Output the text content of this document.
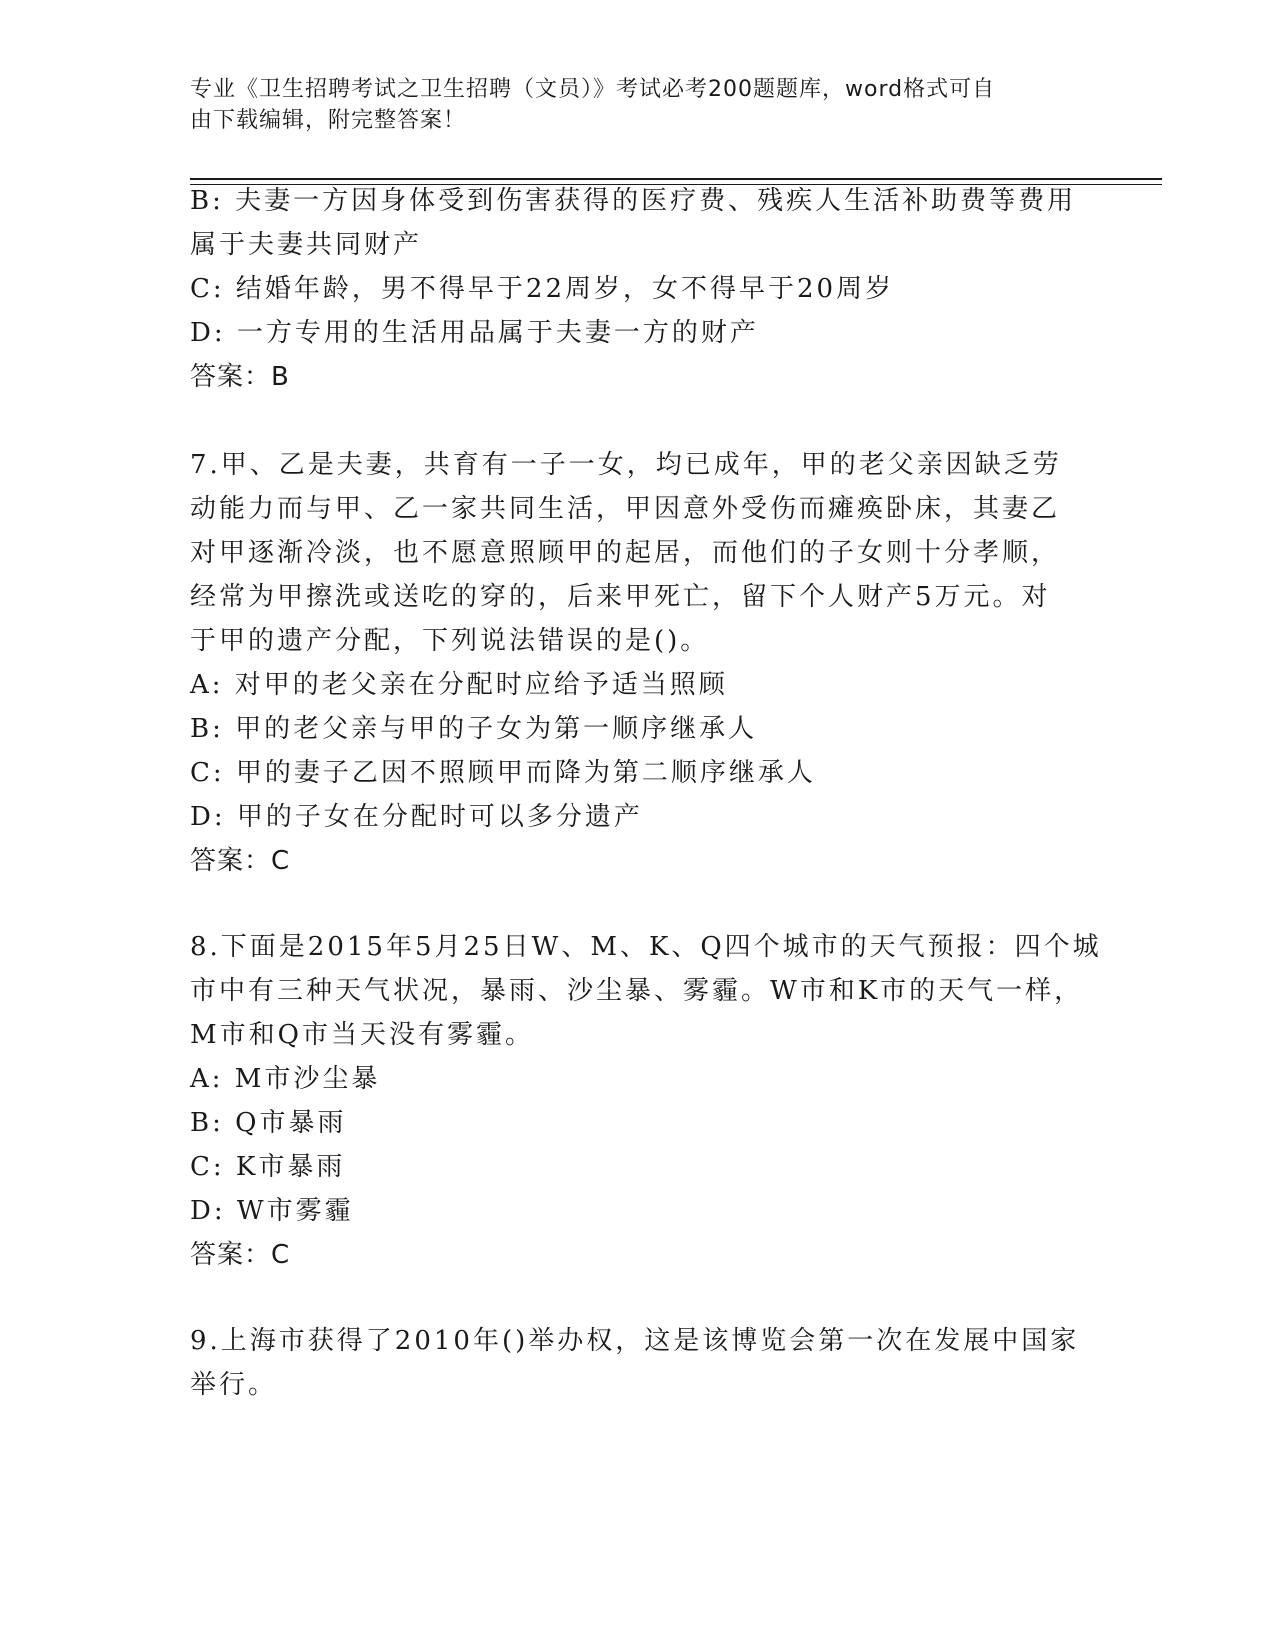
专业《卫生招聘考试之卫生招聘（文员）》考试必考200题题库，word格式可自
由下载编辑，附完整答案！
B: 夫妻一方因身体受到伤害获得的医疗费、残疾人生活补助费等费用
属于夫妻共同财产
C: 结婚年龄，男不得早于22周岁，女不得早于20周岁
D: 一方专用的生活用品属于夫妻一方的财产
答案：B
7.甲、乙是夫妻，共育有一子一女，均已成年，甲的老父亲因缺乏劳
动能力而与甲、乙一家共同生活，甲因意外受伤而瘫痪卧床，其妻乙
对甲逐渐冷淡，也不愿意照顾甲的起居，而他们的子女则十分孝顺，
经常为甲擦洗或送吃的穿的，后来甲死亡，留下个人财产5万元。对
于甲的遗产分配，下列说法错误的是()。
A: 对甲的老父亲在分配时应给予适当照顾
B: 甲的老父亲与甲的子女为第一顺序继承人
C: 甲的妻子乙因不照顾甲而降为第二顺序继承人
D: 甲的子女在分配时可以多分遗产
答案：C
8.下面是2015年5月25日W、M、K、Q四个城市的天气预报：四个城
市中有三种天气状况，暴雨、沙尘暴、雾霾。W市和K市的天气一样，
M市和Q市当天没有雾霾。
A: M市沙尘暴
B: Q市暴雨
C: K市暴雨
D: W市雾霾
答案：C
9.上海市获得了2010年()举办权，这是该博览会第一次在发展中国家
举行。
